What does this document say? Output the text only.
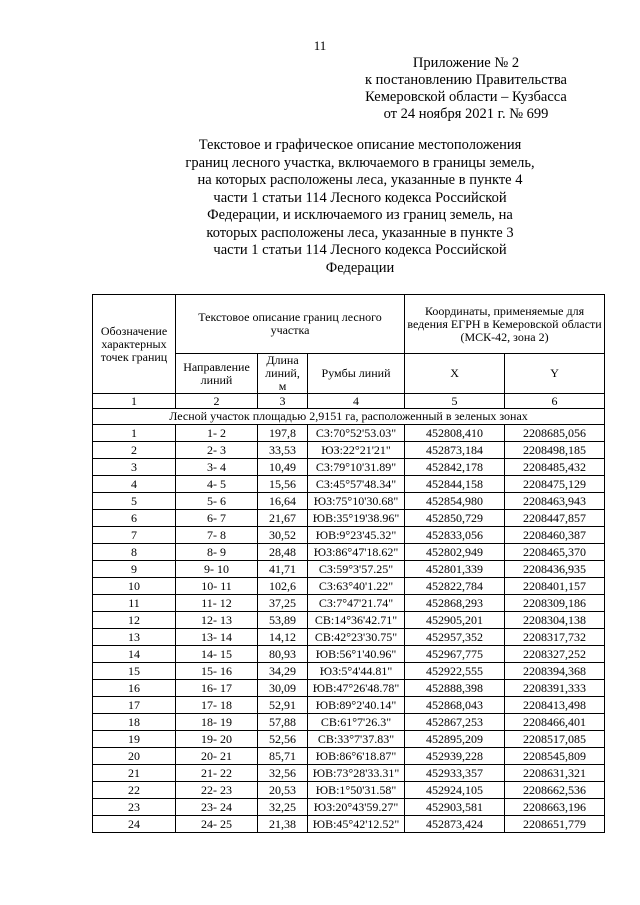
11
Приложение № 2
к постановлению Правительства
Кемеровской области – Кузбасса
от 24 ноября 2021 г. № 699
Текстовое и графическое описание местоположения
границ лесного участка, включаемого в границы земель,
на которых расположены леса, указанные в пункте 4
части 1 статьи 114 Лесного кодекса Российской
Федерации, и исключаемого из границ земель, на
которых расположены леса, указанные в пункте 3
части 1 статьи 114 Лесного кодекса Российской
Федерации
Обозначение характерных точек границ	Текстовое описание границ лесного участка			Координаты, применяемые для ведения ЕГРН в Кемеровской области (МСК-42, зона 2)	
	Направление линий	Длина линий, м	Румбы линий	X	Y
1	2	3	4	5	6
Лесной участок площадью 2,9151 га, расположенный в зеленых зонах					
1	1- 2	197,8	СЗ:70°52'53.03"	452808,410	2208685,056
2	2- 3	33,53	ЮЗ:22°21'21"	452873,184	2208498,185
3	3- 4	10,49	СЗ:79°10'31.89"	452842,178	2208485,432
4	4- 5	15,56	СЗ:45°57'48.34"	452844,158	2208475,129
5	5- 6	16,64	ЮЗ:75°10'30.68"	452854,980	2208463,943
6	6- 7	21,67	ЮВ:35°19'38.96"	452850,729	2208447,857
7	7- 8	30,52	ЮВ:9°23'45.32"	452833,056	2208460,387
8	8- 9	28,48	ЮЗ:86°47'18.62"	452802,949	2208465,370
9	9- 10	41,71	СЗ:59°3'57.25"	452801,339	2208436,935
10	10- 11	102,6	СЗ:63°40'1.22"	452822,784	2208401,157
11	11- 12	37,25	СЗ:7°47'21.74"	452868,293	2208309,186
12	12- 13	53,89	СВ:14°36'42.71"	452905,201	2208304,138
13	13- 14	14,12	СВ:42°23'30.75"	452957,352	2208317,732
14	14- 15	80,93	ЮВ:56°1'40.96"	452967,775	2208327,252
15	15- 16	34,29	ЮЗ:5°4'44.81"	452922,555	2208394,368
16	16- 17	30,09	ЮВ:47°26'48.78"	452888,398	2208391,333
17	17- 18	52,91	ЮВ:89°2'40.14"	452868,043	2208413,498
18	18- 19	57,88	СВ:61°7'26.3"	452867,253	2208466,401
19	19- 20	52,56	СВ:33°7'37.83"	452895,209	2208517,085
20	20- 21	85,71	ЮВ:86°6'18.87"	452939,228	2208545,809
21	21- 22	32,56	ЮВ:73°28'33.31"	452933,357	2208631,321
22	22- 23	20,53	ЮВ:1°50'31.58"	452924,105	2208662,536
23	23- 24	32,25	ЮЗ:20°43'59.27"	452903,581	2208663,196
24	24- 25	21,38	ЮВ:45°42'12.52"	452873,424	2208651,779
